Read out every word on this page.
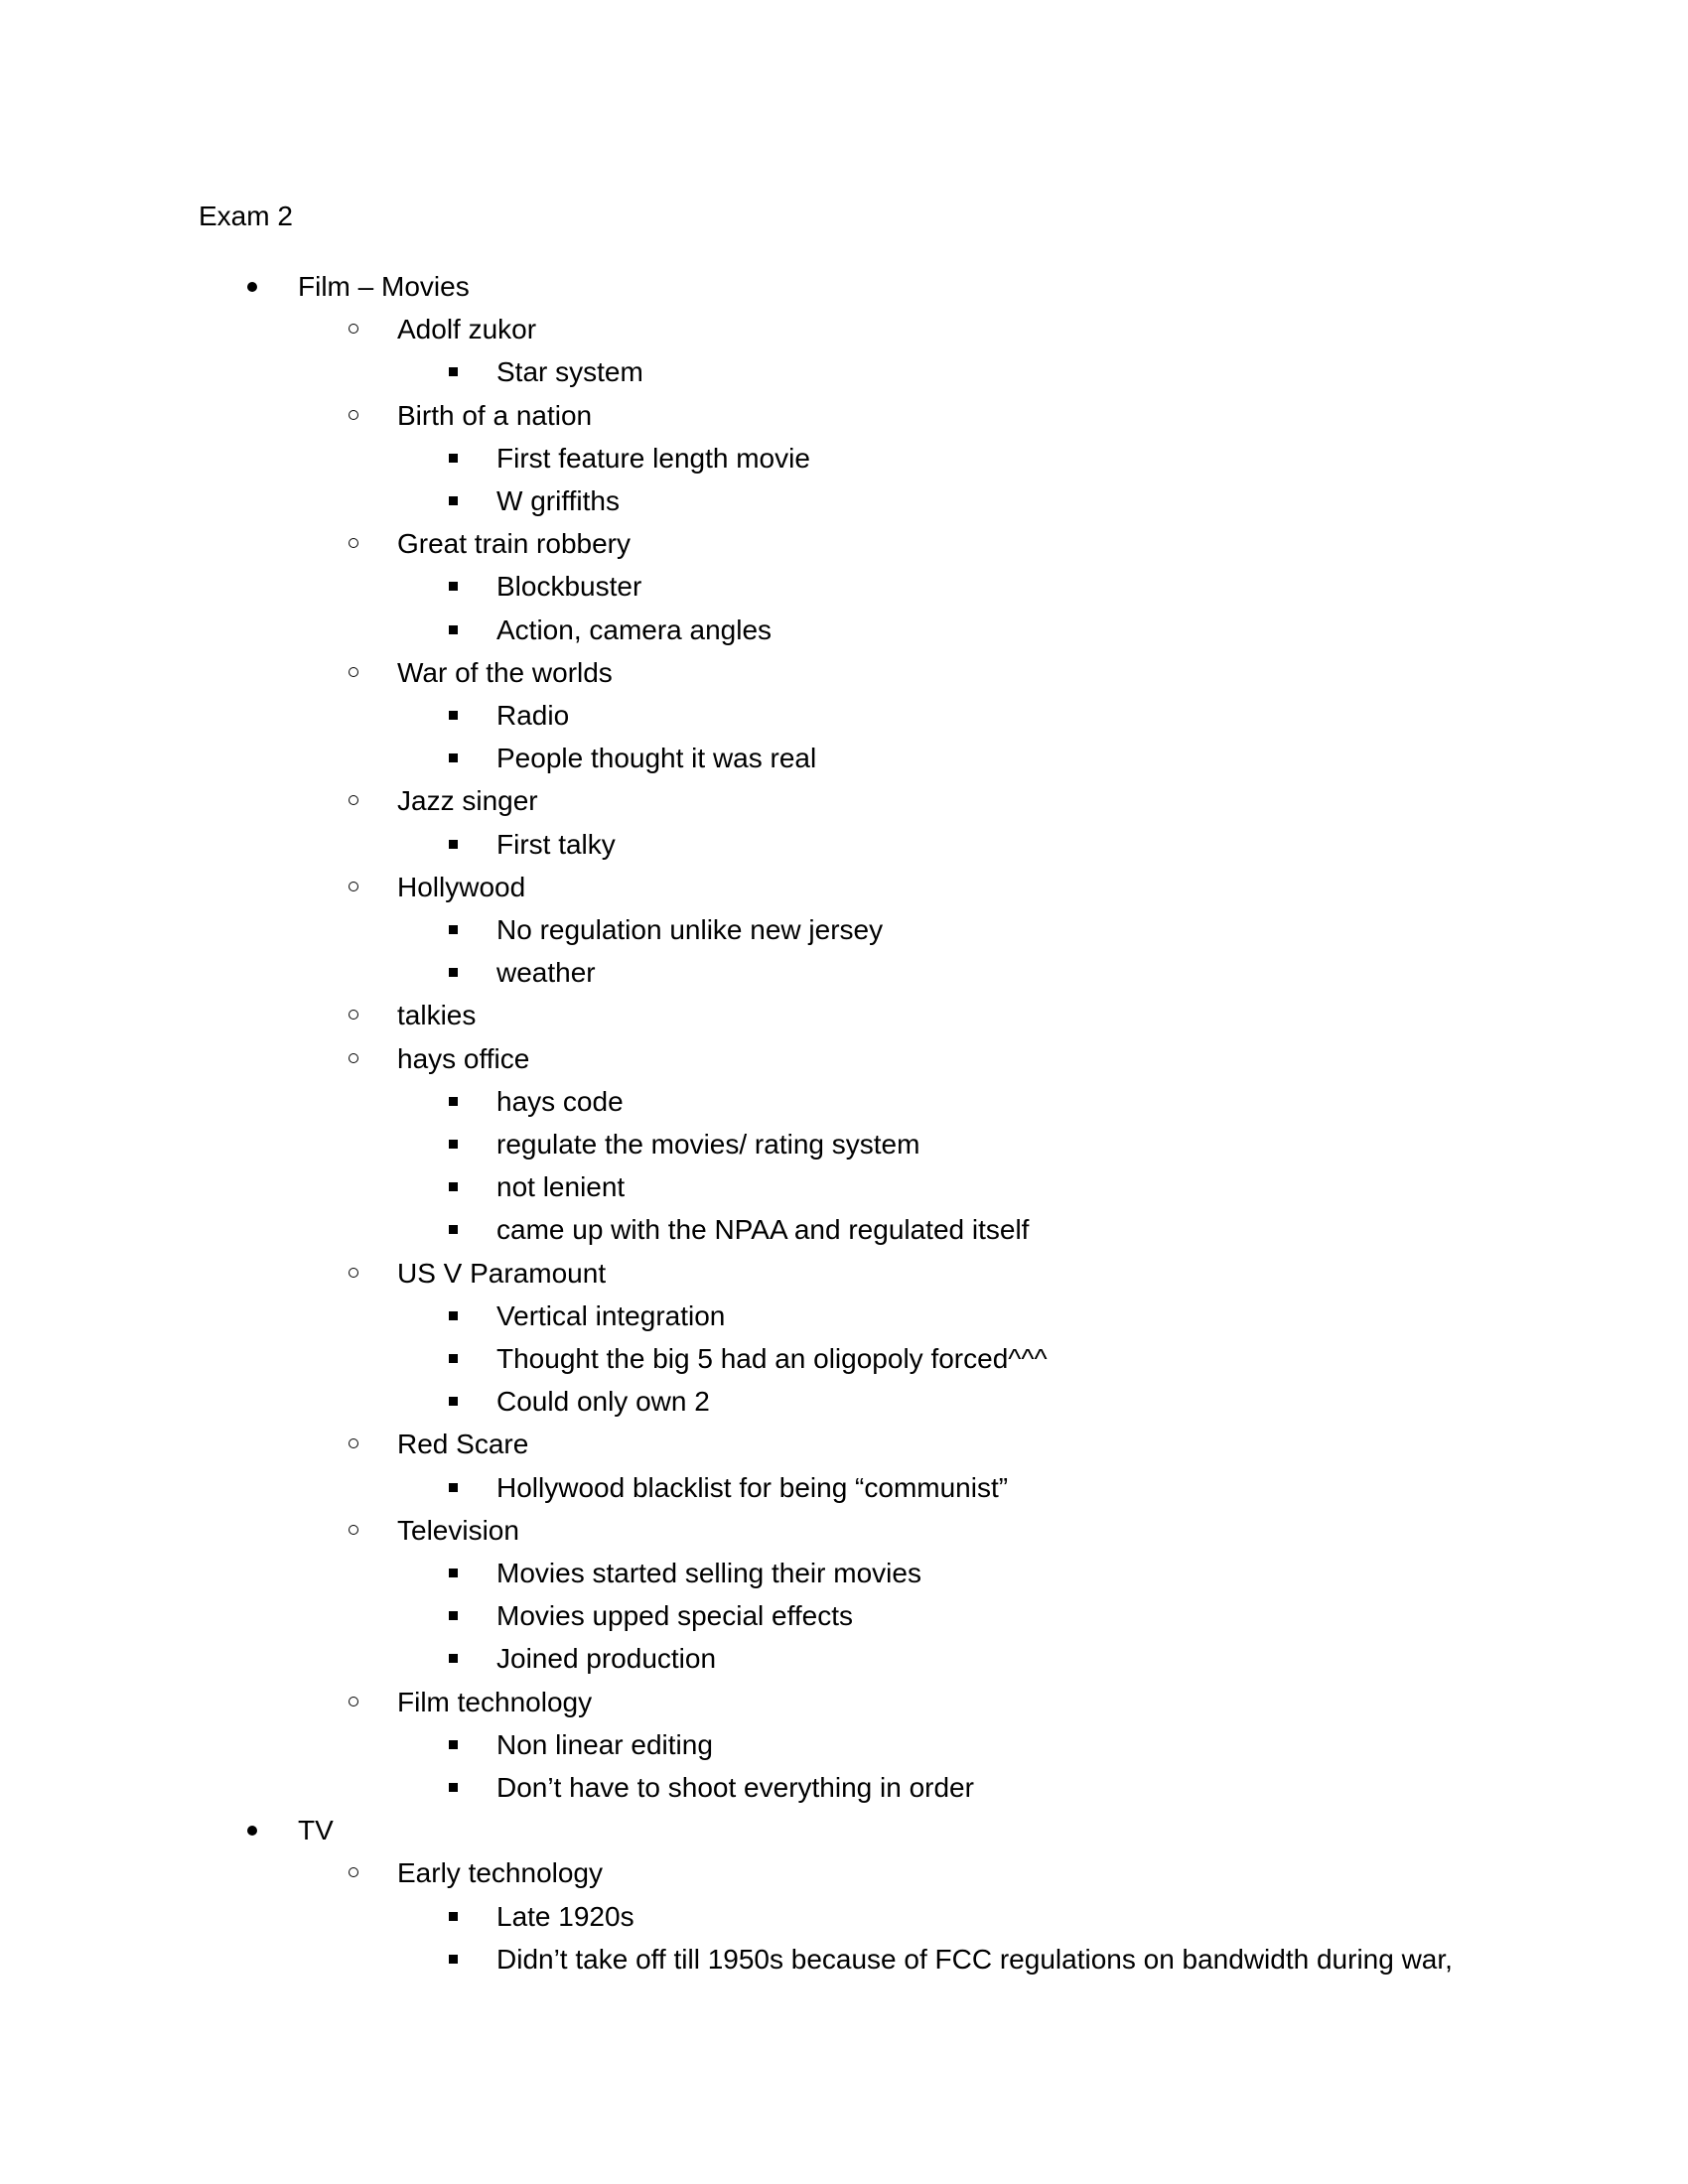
Exam 2
Film – Movies
Adolf zukor
Star system
Birth of a nation
First feature length movie
W griffiths
Great train robbery
Blockbuster
Action, camera angles
War of the worlds
Radio
People thought it was real
Jazz singer
First talky
Hollywood
No regulation unlike new jersey
weather
talkies
hays office
hays code
regulate the movies/ rating system
not lenient
came up with the NPAA and regulated itself
US V Paramount
Vertical integration
Thought the big 5 had an oligopoly forced^^^
Could only own 2
Red Scare
Hollywood blacklist for being “communist”
Television
Movies started selling their movies
Movies upped special effects
Joined production
Film technology
Non linear editing
Don’t have to shoot everything in order
TV
Early technology
Late 1920s
Didn’t take off till 1950s because of FCC regulations on bandwidth during war,
